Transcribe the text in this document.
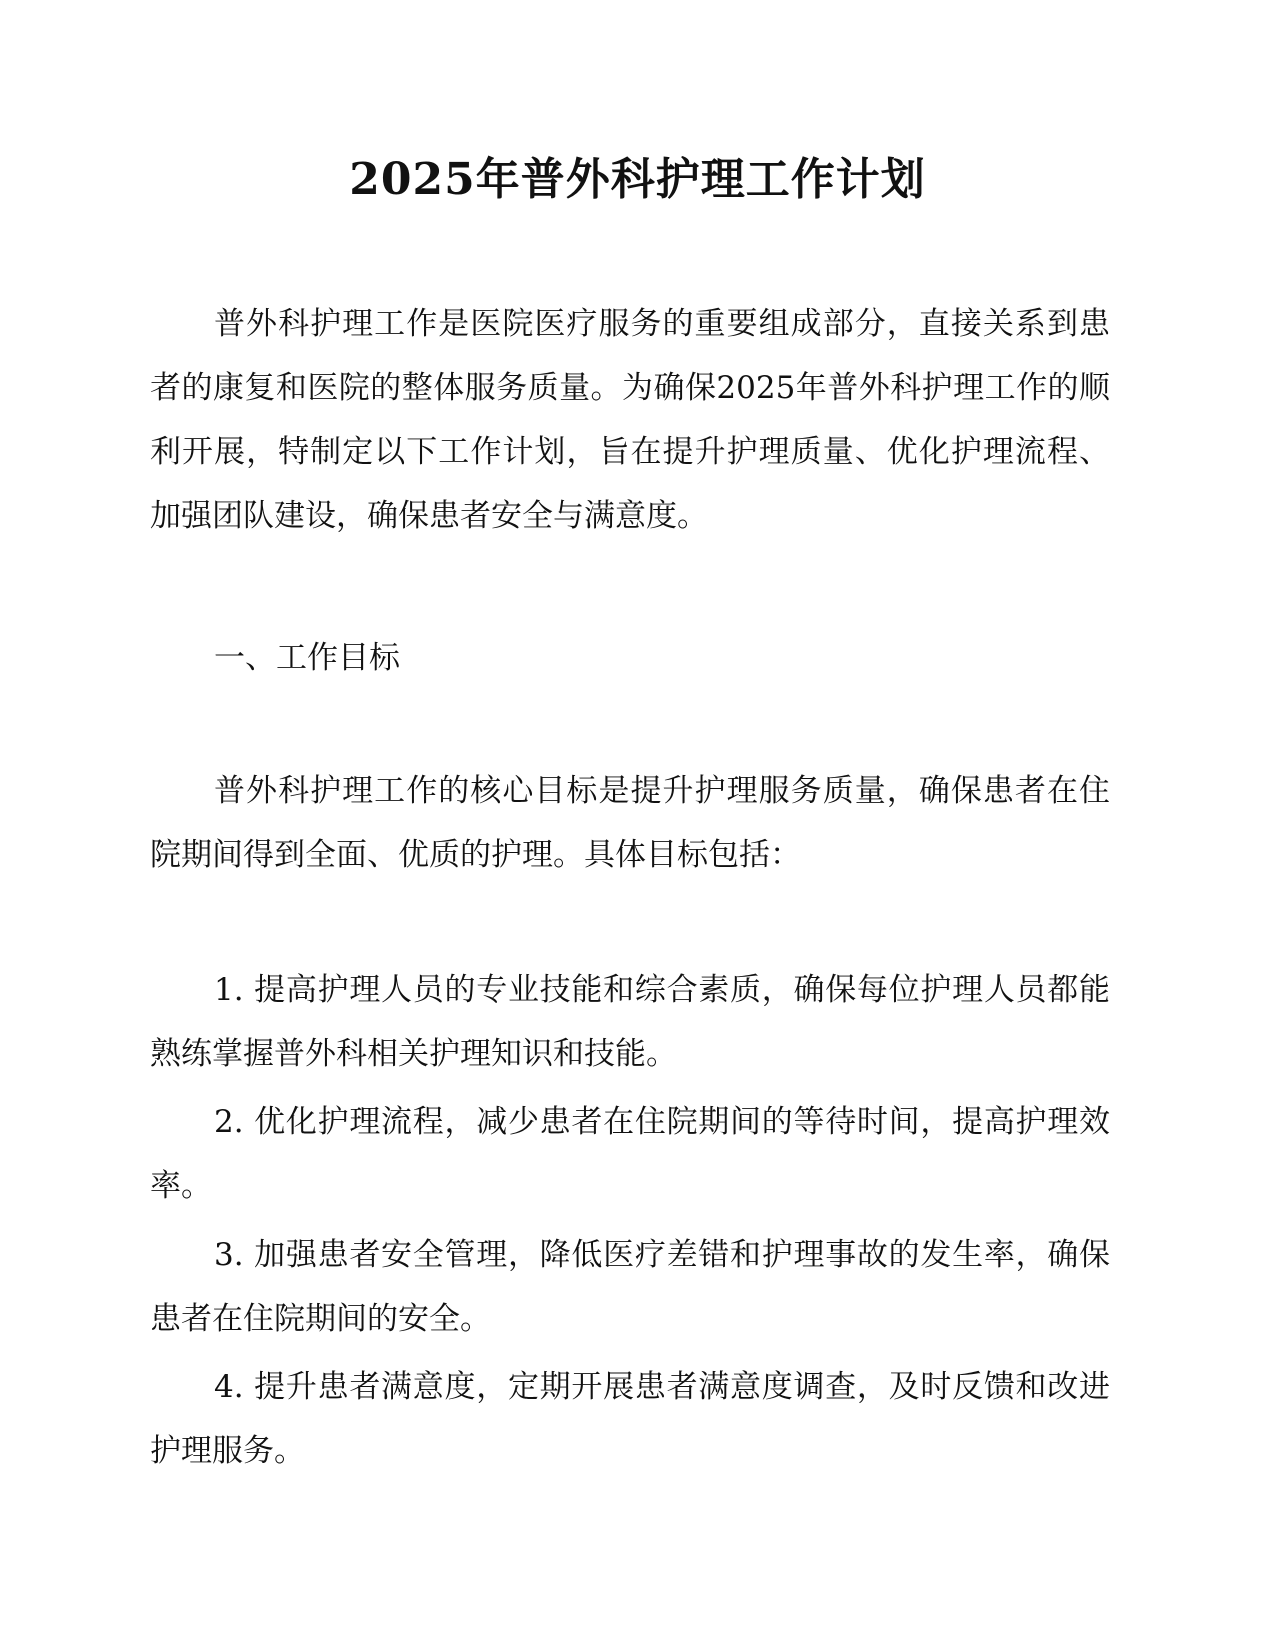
2025年普外科护理工作计划

普外科护理工作是医院医疗服务的重要组成部分，直接关系到患者的康复和医院的整体服务质量。为确保2025年普外科护理工作的顺利开展，特制定以下工作计划，旨在提升护理质量、优化护理流程、加强团队建设，确保患者安全与满意度。

一、工作目标

普外科护理工作的核心目标是提升护理服务质量，确保患者在住院期间得到全面、优质的护理。具体目标包括：

1. 提高护理人员的专业技能和综合素质，确保每位护理人员都能熟练掌握普外科相关护理知识和技能。

2. 优化护理流程，减少患者在住院期间的等待时间，提高护理效率。

3. 加强患者安全管理，降低医疗差错和护理事故的发生率，确保患者在住院期间的安全。

4. 提升患者满意度，定期开展患者满意度调查，及时反馈和改进护理服务。
